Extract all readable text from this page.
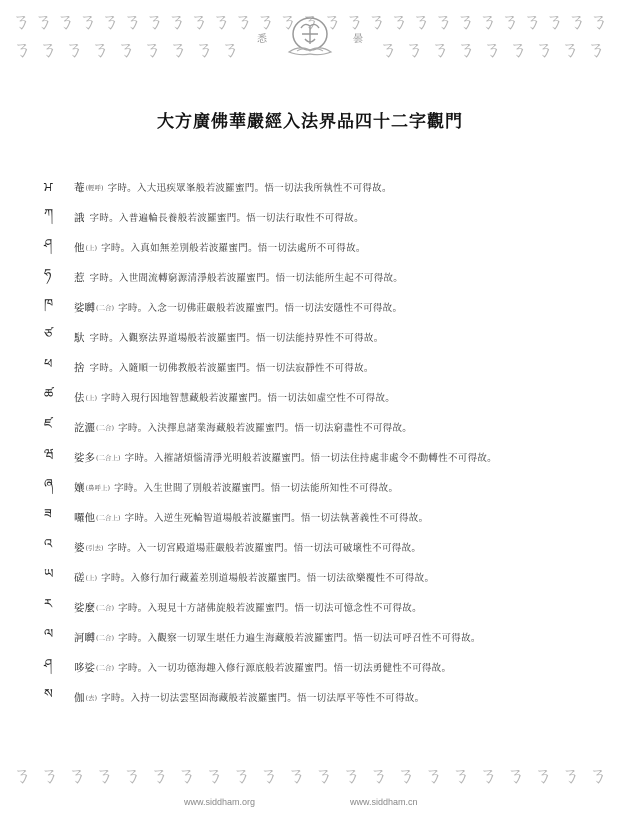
ㄋ ㄋ ㄋ ㄋ ㄋ ㄋ ㄋ ㄋ ㄋ ㄋ ㄋ ㄋ ㄋ ㄋ ㄋ ㄋ ㄋ ㄋ ㄋ ㄋ ㄋ ㄋ ㄋ ㄋ ㄋ ㄋ ㄋ
ㄋ ㄋ ㄋ ㄋ ㄋ ㄋ ㄋ ㄋ ㄋ	ㄋ ㄋ ㄋ ㄋ ㄋ ㄋ ㄋ ㄋ ㄋ
悉	曇
大方廣佛華嚴經入法界品四十二字觀門
ਮ	菴 (輕呼) 字時。入大迅疾眾峯般若波羅蜜門。悟一切法我所執性不可得故。
ཀ	誐 字時。入普遍輪長養般若波羅蜜門。悟一切法行取性不可得故。
ཤ	他 (上) 字時。入真如無差別般若波羅蜜門。悟一切法處所不可得故。
ཧ	惹 字時。入世間流轉窮源清淨般若波羅蜜門。悟一切法能所生起不可得故。
ཁ	娑嚩 (二合) 字時。入念一切佛莊嚴般若波羅蜜門。悟一切法安隱性不可得故。
ཙ	馱 字時。入觀察法界道場般若波羅蜜門。悟一切法能持界性不可得故。
ཕ	捨 字時。入隨順一切佛教般若波羅蜜門。悟一切法寂靜性不可得故。
ཚ	佉 (上) 字時入現行因地智慧藏般若波羅蜜門。悟一切法如虛空性不可得故。
ཛ	訖灑 (二合) 字時。入決擇息諸業海藏般若波羅蜜門。悟一切法窮盡性不可得故。
ཝ	娑多 (二合上) 字時。入摧諸煩惱清淨光明般若波羅蜜門。悟一切法住持處非處令不動轉性不可得故。
ཞ	孃 (鼻呼上) 字時。入生世間了別般若波羅蜜門。悟一切法能所知性不可得故。
ཟ	囉他 (二合上) 字時。入逆生死輪智道場般若波羅蜜門。悟一切法執著義性不可得故。
འ	婆 (引去) 字時。入一切宮殿道場莊嚴般若波羅蜜門。悟一切法可破壞性不可得故。
ཡ	磋 (上) 字時。入修行加行藏蓋差別道場般若波羅蜜門。悟一切法欲樂覆性不可得故。
ར	娑麼 (二合) 字時。入現見十方諸佛旋般若波羅蜜門。悟一切法可憶念性不可得故。
ལ	訶嚩 (二合) 字時。入觀察一切眾生堪任力遍生海藏般若波羅蜜門。悟一切法可呼召性不可得故。
ཤ	哆娑 (二合) 字時。入一切功德海趣入修行源底般若波羅蜜門。悟一切法勇健性不可得故。
ས	伽 (去) 字時。入持一切法雲堅固海藏般若波羅蜜門。悟一切法厚平等性不可得故。
ㄋ ㄋ ㄋ ㄋ ㄋ ㄋ ㄋ ㄋ ㄋ ㄋ ㄋ ㄋ ㄋ ㄋ ㄋ ㄋ ㄋ ㄋ ㄋ ㄋ ㄋ ㄋ
www.siddham.org	www.siddham.cn
